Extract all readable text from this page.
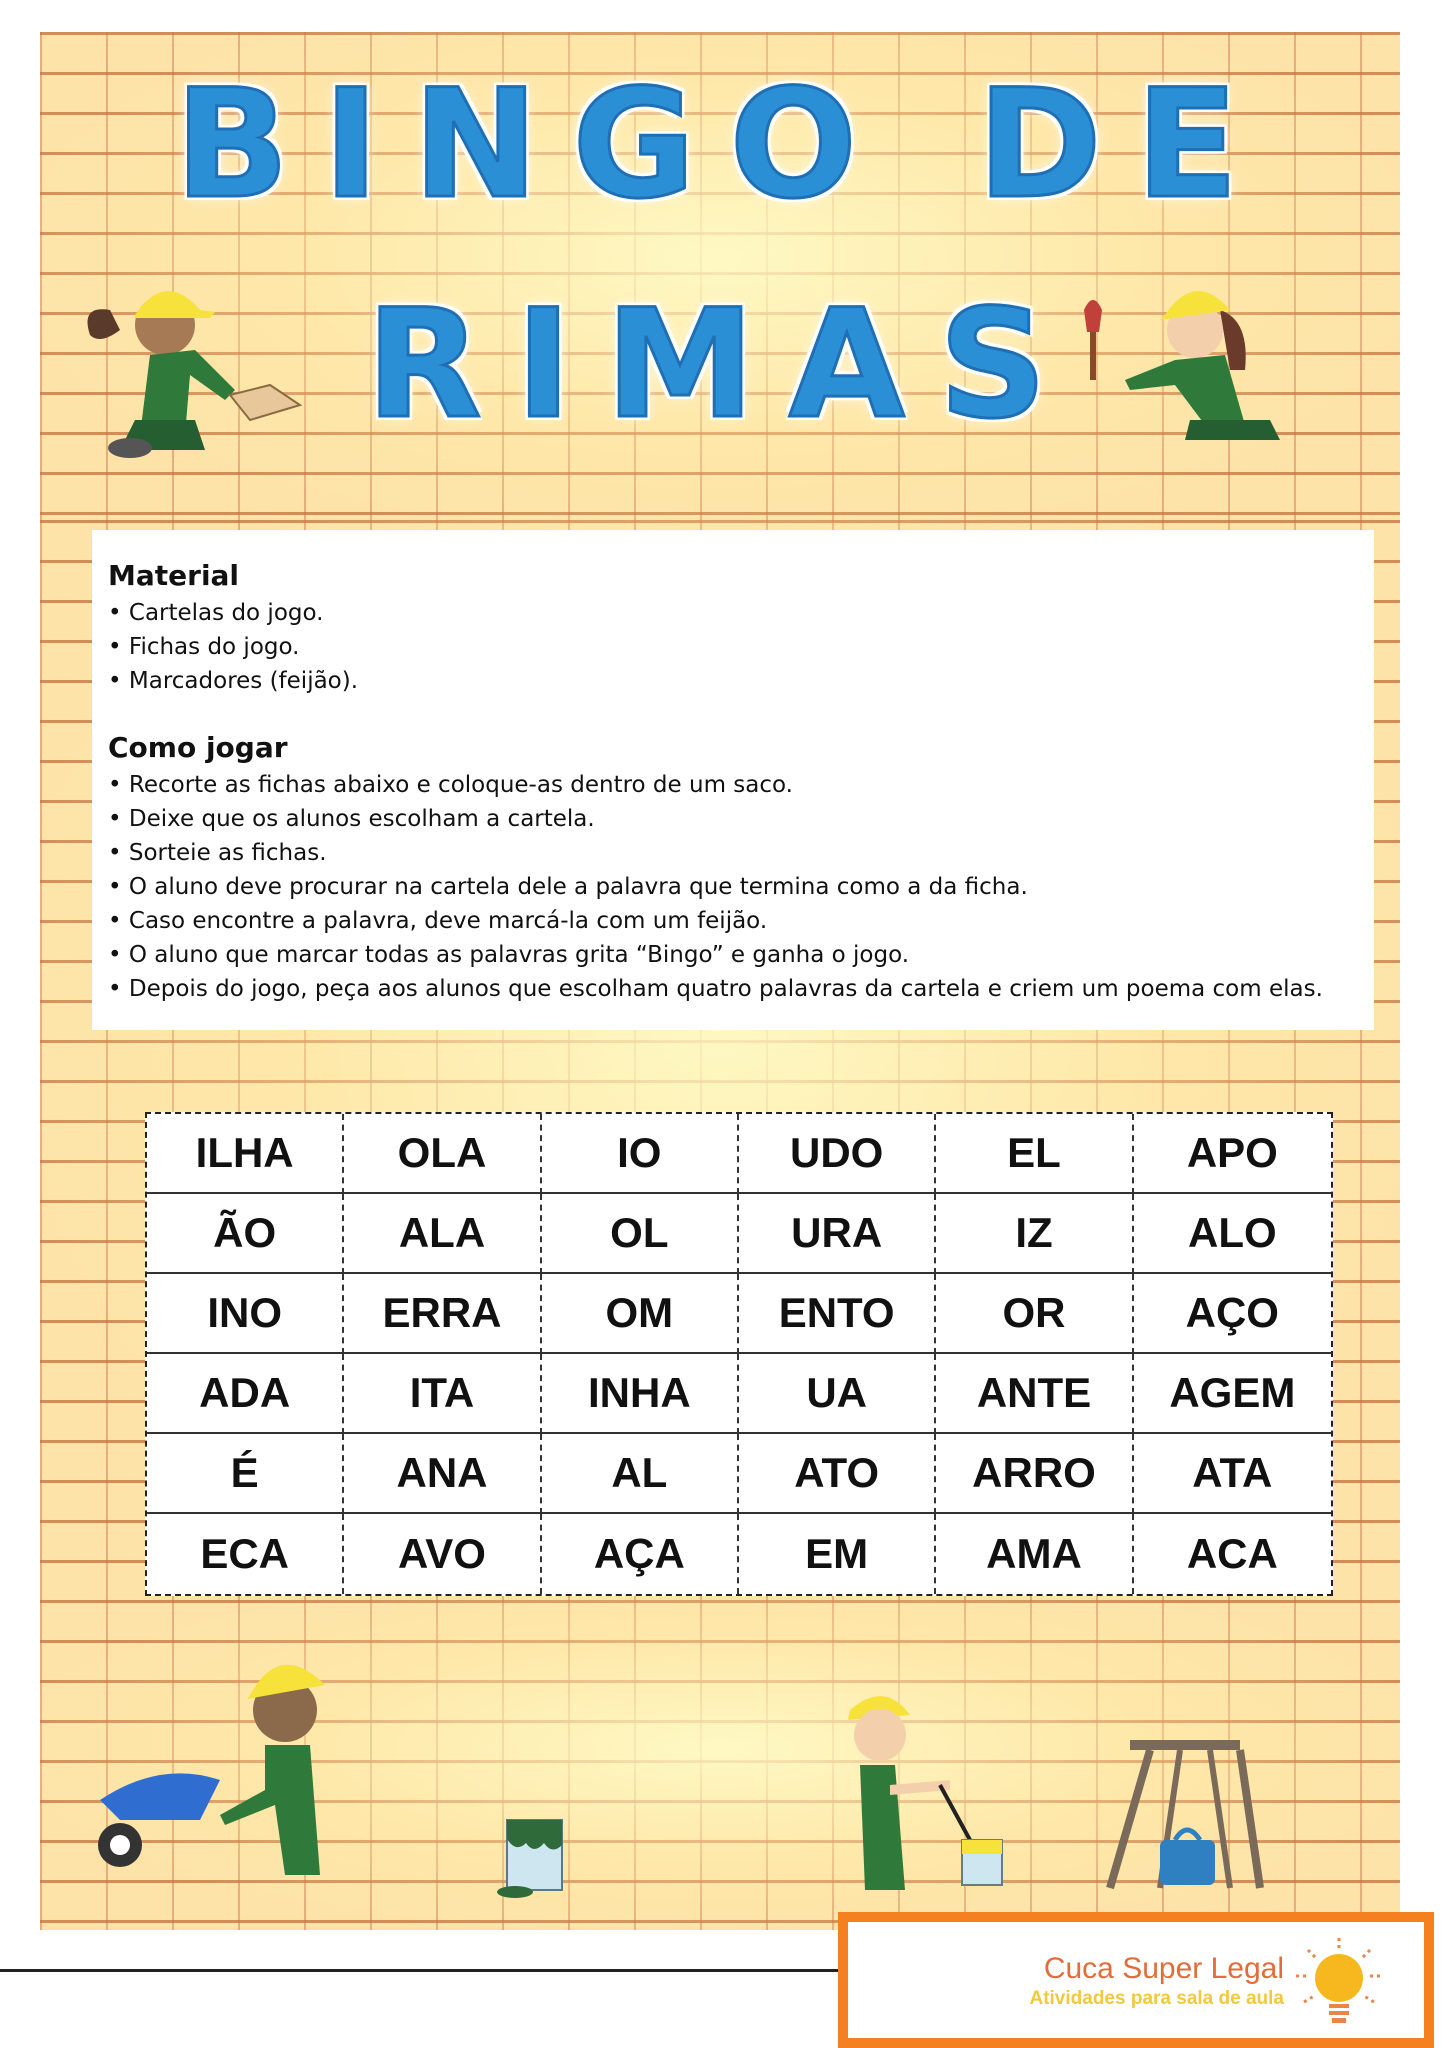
BINGO DE
RIMAS
Material
• Cartelas do jogo.
• Fichas do jogo.
• Marcadores (feijão).
Como jogar
• Recorte as fichas abaixo e coloque-as dentro de um saco.
• Deixe que os alunos escolham a cartela.
• Sorteie as fichas.
• O aluno deve procurar na cartela dele a palavra que termina como a da ficha.
• Caso encontre a palavra, deve marcá-la com um feijão.
• O aluno que marcar todas as palavras grita “Bingo” e ganha o jogo.
• Depois do jogo, peça aos alunos que escolham quatro palavras da cartela e criem um poema com elas.
ILHA	OLA	IO	UDO	EL	APO
ÃO	ALA	OL	URA	IZ	ALO
INO	ERRA	OM	ENTO	OR	AÇO
ADA	ITA	INHA	UA	ANTE	AGEM
É	ANA	AL	ATO	ARRO	ATA
ECA	AVO	AÇA	EM	AMA	ACA
Cuca Super Legal
Atividades para sala de aula
